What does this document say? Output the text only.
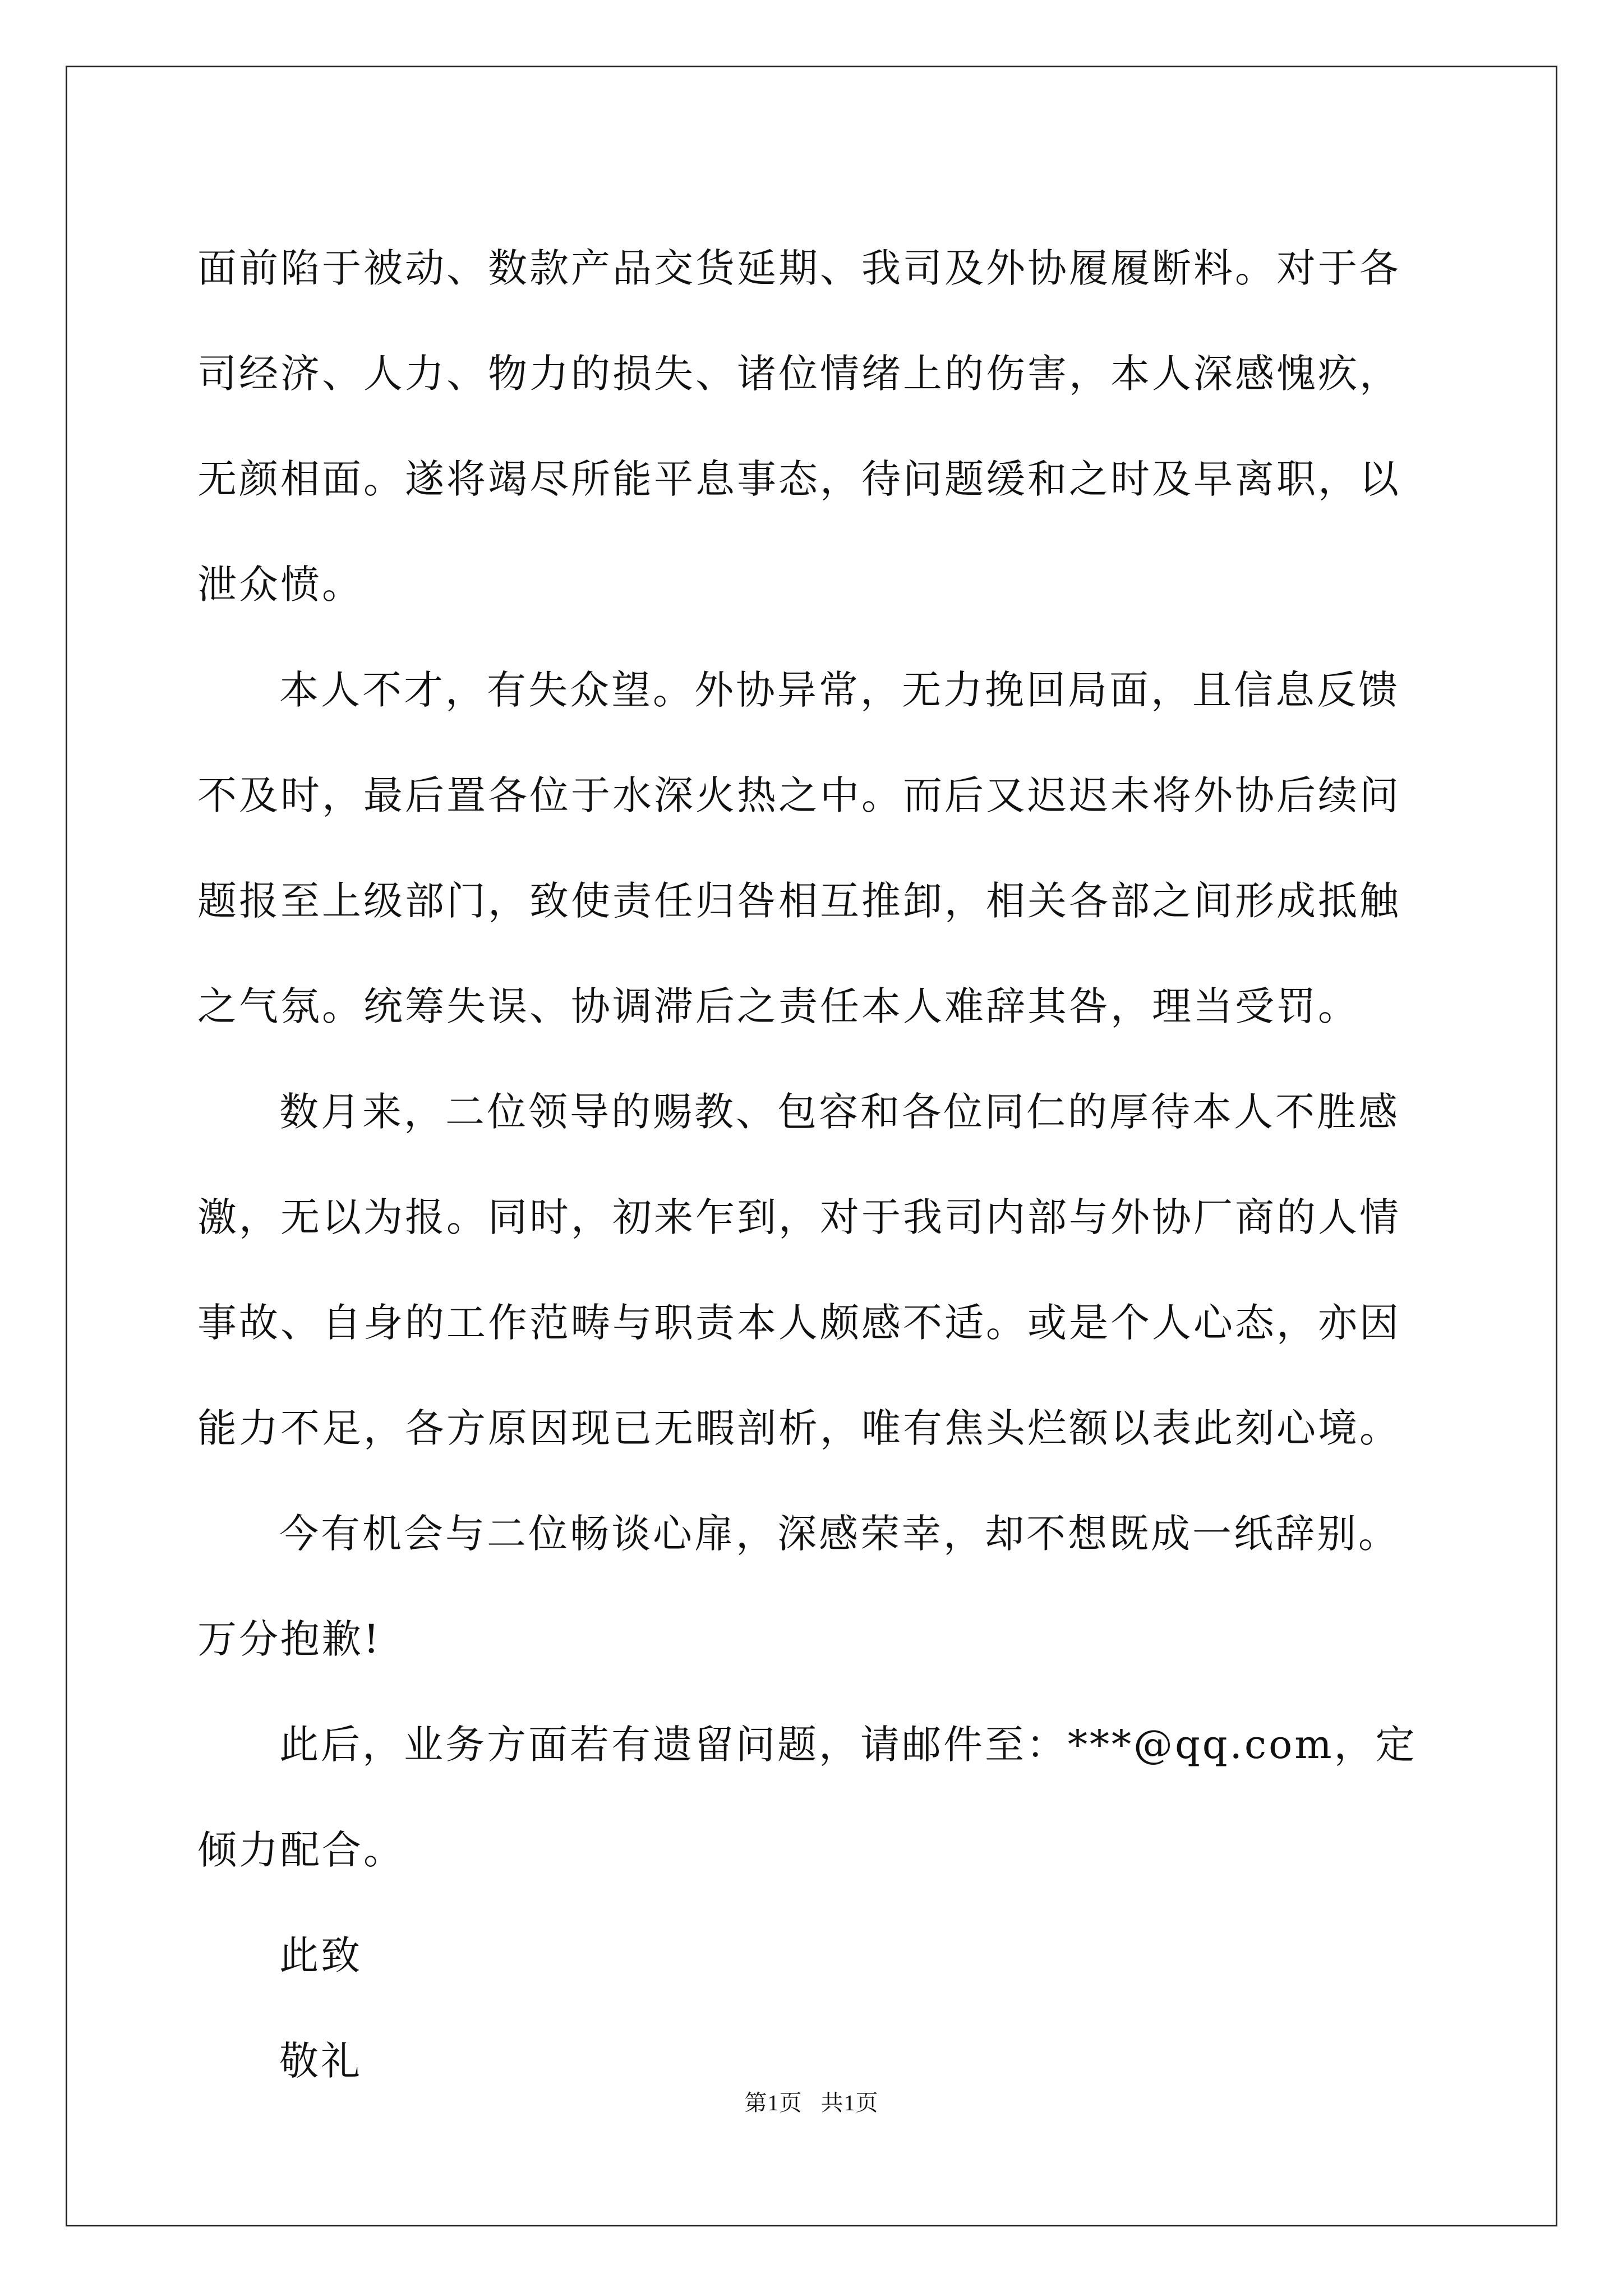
面前陷于被动、数款产品交货延期、我司及外协履履断料。对于各司经济、人力、物力的损失、诸位情绪上的伤害，本人深感愧疚，无颜相面。遂将竭尽所能平息事态，待问题缓和之时及早离职，以泄众愤。

本人不才，有失众望。外协异常，无力挽回局面，且信息反馈不及时，最后置各位于水深火热之中。而后又迟迟未将外协后续问题报至上级部门，致使责任归咎相互推卸，相关各部之间形成抵触之气氛。统筹失误、协调滞后之责任本人难辞其咎，理当受罚。

数月来，二位领导的赐教、包容和各位同仁的厚待本人不胜感激，无以为报。同时，初来乍到，对于我司内部与外协厂商的人情事故、自身的工作范畴与职责本人颇感不适。或是个人心态，亦因能力不足，各方原因现已无暇剖析，唯有焦头烂额以表此刻心境。

今有机会与二位畅谈心扉，深感荣幸，却不想既成一纸辞别。万分抱歉!

此后，业务方面若有遗留问题，请邮件至：***@qq.com，定倾力配合。

此致

敬礼

第1页   共1页
